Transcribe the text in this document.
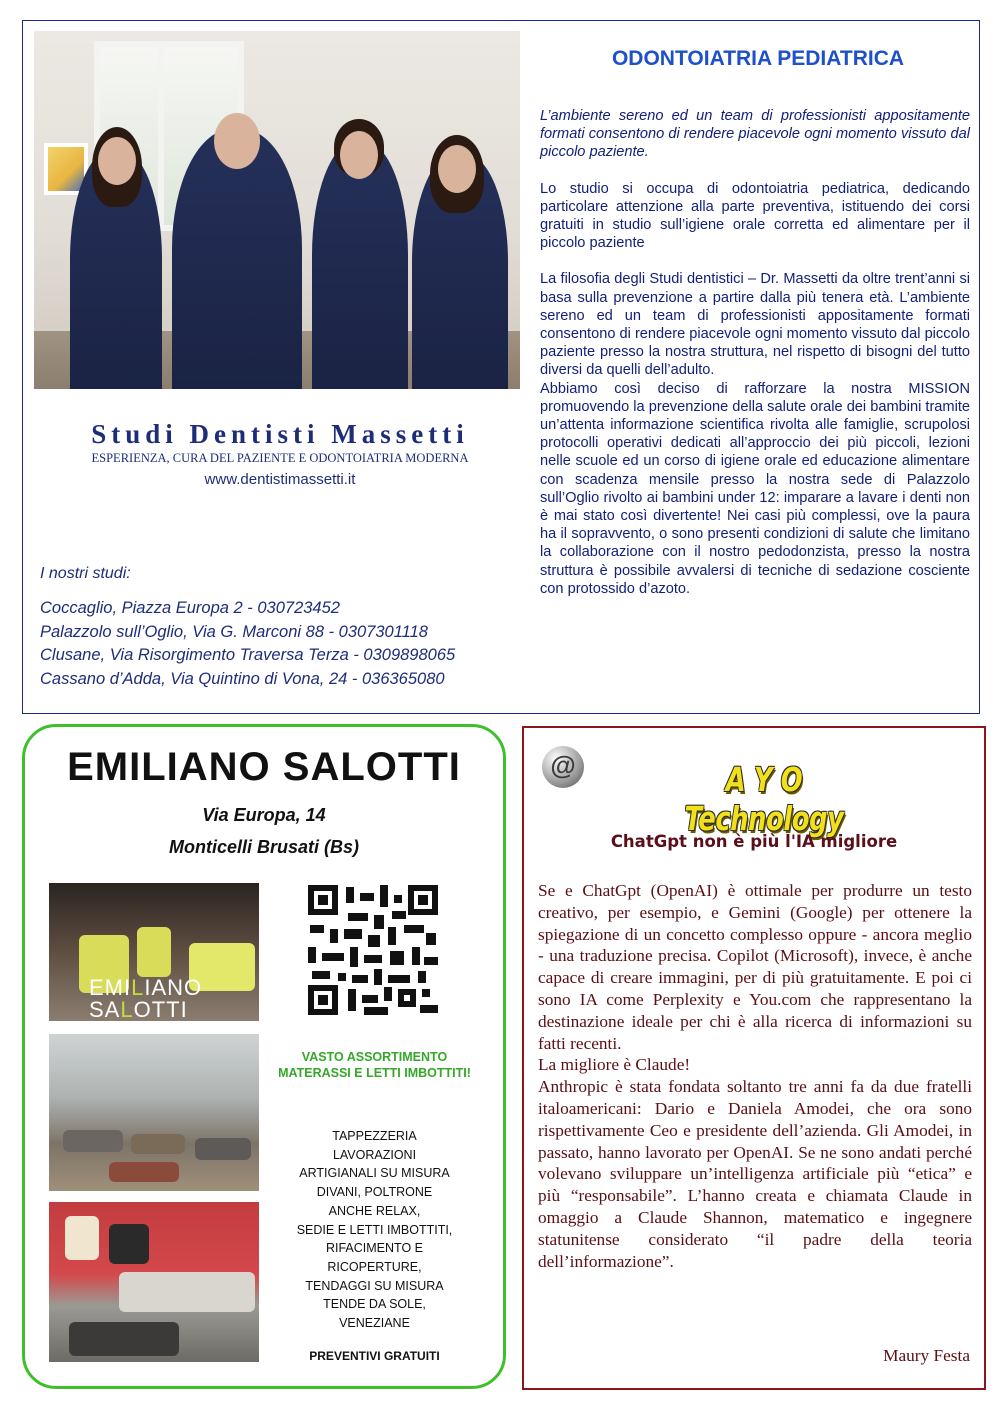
Studi Dentisti Massetti
ESPERIENZA, CURA DEL PAZIENTE E ODONTOIATRIA MODERNA
www.dentistimassetti.it
I nostri studi:
Coccaglio, Piazza Europa 2 - 030723452
Palazzolo sull’Oglio, Via G. Marconi 88 - 0307301118
Clusane, Via Risorgimento Traversa Terza - 0309898065
Cassano d’Adda, Via Quintino di Vona, 24 - 036365080
ODONTOIATRIA PEDIATRICA

L’ambiente sereno ed un team di professionisti appositamente formati consentono di rendere piacevole ogni momento vissuto dal piccolo paziente.

Lo studio si occupa di odontoiatria pediatrica, dedicando particolare attenzione alla parte preventiva, istituendo dei corsi gratuiti in studio sull’igiene orale corretta ed alimentare per il piccolo paziente

La filosofia degli Studi dentistici – Dr. Massetti da oltre trent’anni si basa sulla prevenzione a partire dalla più tenera età. L’ambiente sereno ed un team di professionisti appositamente formati consentono di rendere piacevole ogni momento vissuto dal piccolo paziente presso la nostra struttura, nel rispetto di bisogni del tutto diversi da quelli dell’adulto.

Abbiamo così deciso di rafforzare la nostra MISSION promuovendo la prevenzione della salute orale dei bambini tramite un’attenta informazione scientifica rivolta alle famiglie, scrupolosi protocolli operativi dedicati all’approccio dei più piccoli, lezioni nelle scuole ed un corso di igiene orale ed educazione alimentare con scadenza mensile presso la nostra sede di Palazzolo sull’Oglio rivolto ai bambini under 12: imparare a lavare i denti non è mai stato così divertente! Nei casi più complessi, ove la paura ha il sopravvento, o sono presenti condizioni di salute che limitano la collaborazione con il nostro pedodonzista, presso la nostra struttura è possibile avvalersi di tecniche di sedazione cosciente con protossido d’azoto.

EMILIANO SALOTTI
Via Europa, 14
Monticelli Brusati (Bs)
EMILIANO
SALOTTI
VASTO ASSORTIMENTO MATERASSI E LETTI IMBOTTITI!
TAPPEZZERIA
LAVORAZIONI
ARTIGIANALI SU MISURA
DIVANI, POLTRONE
ANCHE RELAX,
SEDIE E LETTI IMBOTTITI,
RIFACIMENTO E
RICOPERTURE,
TENDAGGI SU MISURA
TENDE DA SOLE,
VENEZIANE
PREVENTIVI GRATUITI
@	A Y O Technology
ChatGpt non è più l'IA migliore

Se e ChatGpt (OpenAI) è ottimale per produrre un testo creativo, per esempio, e Gemini (Google) per ottenere la spiegazione di un concetto complesso oppure - ancora meglio - una traduzione precisa. Copilot (Microsoft), invece, è anche capace di creare immagini, per di più gratuitamente. E poi ci sono IA come Perplexity e You.com che rappresentano la destinazione ideale per chi è alla ricerca di informazioni su fatti recenti.

La migliore è Claude!

Anthropic è stata fondata soltanto tre anni fa da due fratelli italoamericani: Dario e Daniela Amodei, che ora sono rispettivamente Ceo e presidente dell’azienda. Gli Amodei, in passato, hanno lavorato per OpenAI. Se ne sono andati perché volevano sviluppare un’intelligenza artificiale più “etica” e più “responsabile”. L’hanno creata e chiamata Claude in omaggio a Claude Shannon, matematico e ingegnere statunitense considerato “il padre della teoria dell’informazione”.

Maury Festa
